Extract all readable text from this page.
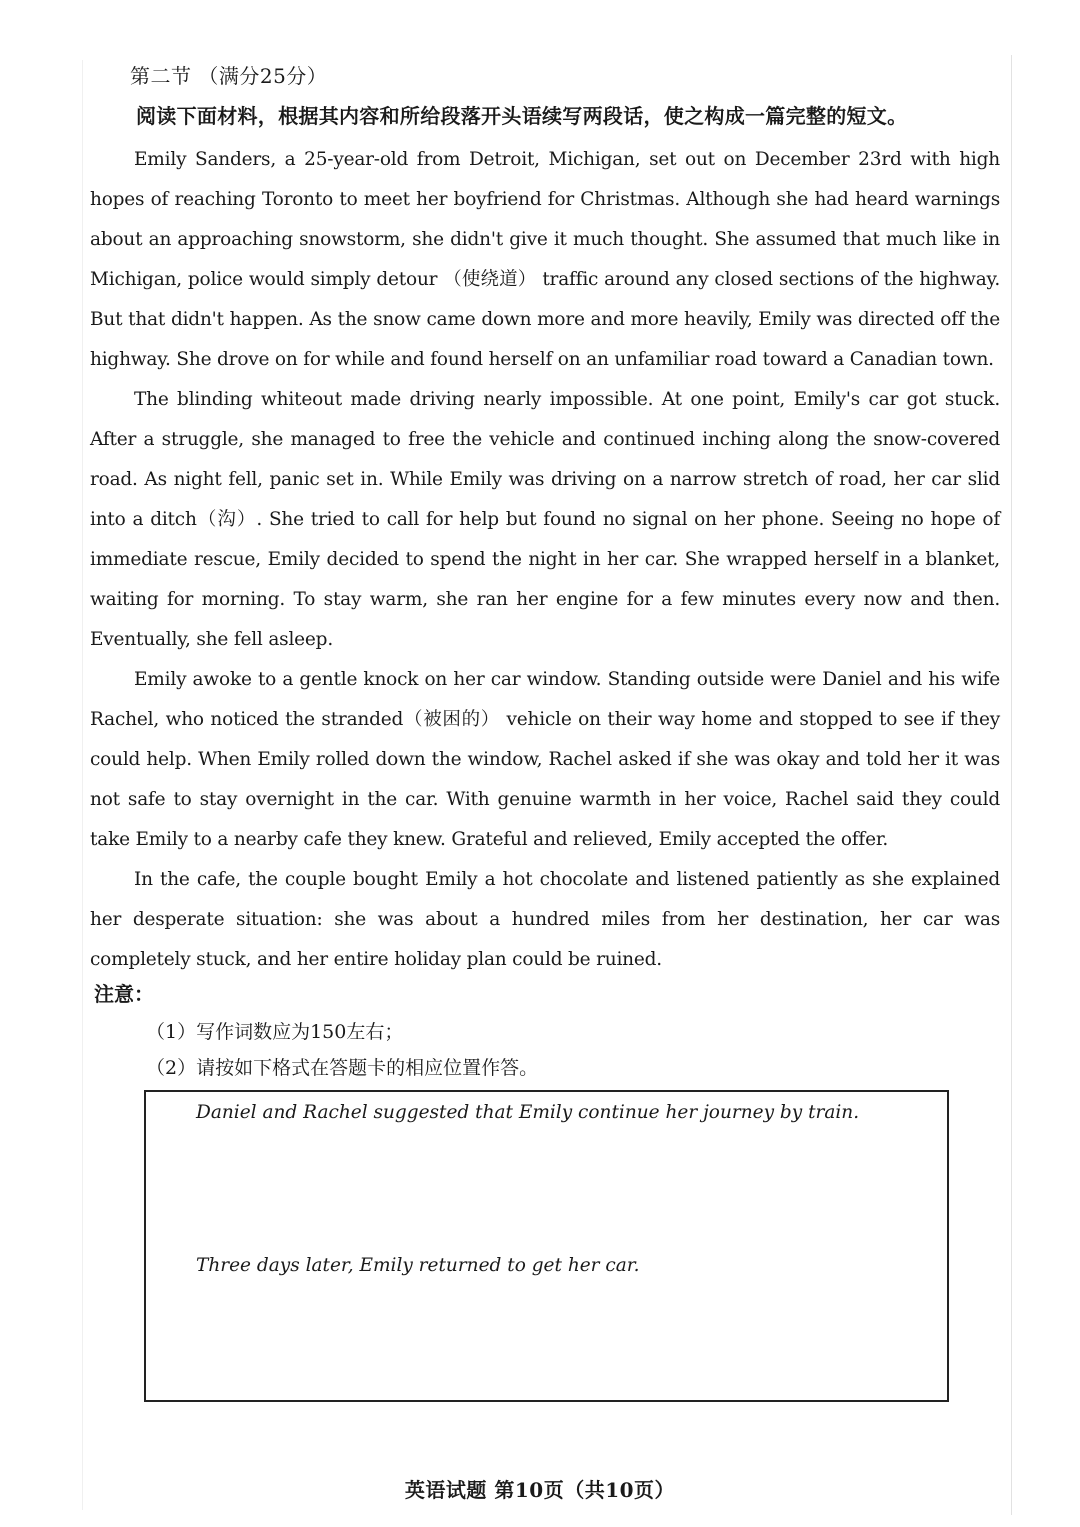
第二节 （满分25分）
阅读下面材料，根据其内容和所给段落开头语续写两段话，使之构成一篇完整的短文。

Emily Sanders, a 25-year-old from Detroit, Michigan, set out on December 23rd with high hopes of reaching Toronto to meet her boyfriend for Christmas. Although she had heard warnings about an approaching snowstorm, she didn't give it much thought. She assumed that much like in Michigan, police would simply detour （使绕道） traffic around any closed sections of the highway. But that didn't happen. As the snow came down more and more heavily, Emily was directed off the highway. She drove on for while and found herself on an unfamiliar road toward a Canadian town.

The blinding whiteout made driving nearly impossible. At one point, Emily's car got stuck. After a struggle, she managed to free the vehicle and continued inching along the snow-covered road. As night fell, panic set in. While Emily was driving on a narrow stretch of road, her car slid into a ditch（沟）. She tried to call for help but found no signal on her phone. Seeing no hope of immediate rescue, Emily decided to spend the night in her car. She wrapped herself in a blanket, waiting for morning. To stay warm, she ran her engine for a few minutes every now and then. Eventually, she fell asleep.

Emily awoke to a gentle knock on her car window. Standing outside were Daniel and his wife Rachel, who noticed the stranded（被困的） vehicle on their way home and stopped to see if they could help. When Emily rolled down the window, Rachel asked if she was okay and told her it was not safe to stay overnight in the car. With genuine warmth in her voice, Rachel said they could take Emily to a nearby cafe they knew. Grateful and relieved, Emily accepted the offer.

In the cafe, the couple bought Emily a hot chocolate and listened patiently as she explained her desperate situation: she was about a hundred miles from her destination, her car was completely stuck, and her entire holiday plan could be ruined.

注意：
（1）写作词数应为150左右；
（2）请按如下格式在答题卡的相应位置作答。
Daniel and Rachel suggested that Emily continue her journey by train.
Three days later, Emily returned to get her car.
英语试题 第10页（共10页）
